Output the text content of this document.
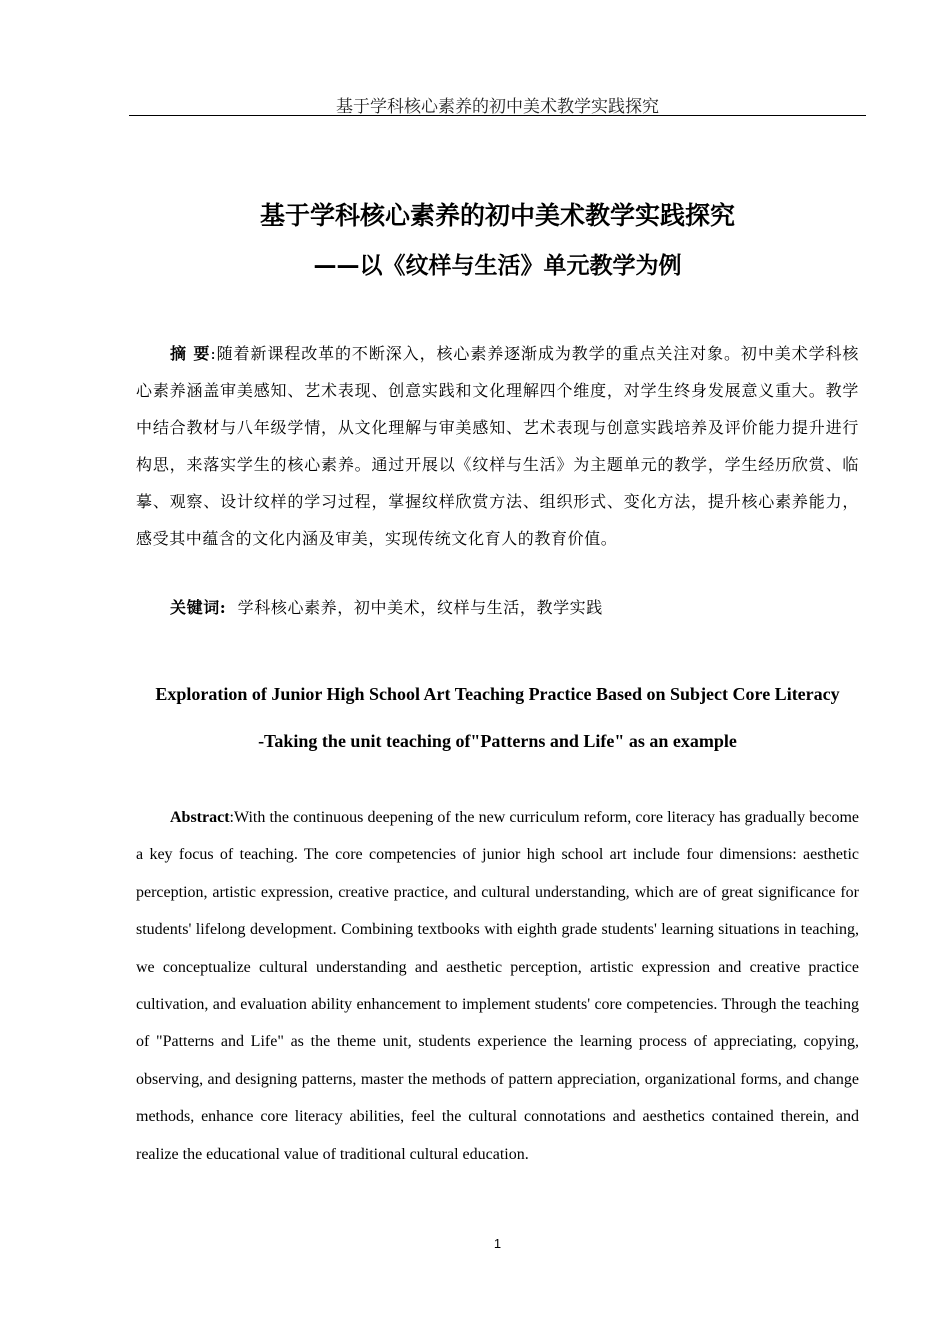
基于学科核心素养的初中美术教学实践探究
基于学科核心素养的初中美术教学实践探究
——以《纹样与生活》单元教学为例
摘 要:随着新课程改革的不断深入，核心素养逐渐成为教学的重点关注对象。初中美术学科核心素养涵盖审美感知、艺术表现、创意实践和文化理解四个维度，对学生终身发展意义重大。教学中结合教材与八年级学情，从文化理解与审美感知、艺术表现与创意实践培养及评价能力提升进行构思，来落实学生的核心素养。通过开展以《纹样与生活》为主题单元的教学，学生经历欣赏、临摹、观察、设计纹样的学习过程，掌握纹样欣赏方法、组织形式、变化方法，提升核心素养能力，感受其中蕴含的文化内涵及审美，实现传统文化育人的教育价值。
关键词:  学科核心素养，初中美术，纹样与生活，教学实践
Exploration of Junior High School Art Teaching Practice Based on Subject Core Literacy
-Taking the unit teaching of"Patterns and Life" as an example
Abstract:With the continuous deepening of the new curriculum reform, core literacy has gradually become a key focus of teaching. The core competencies of junior high school art include four dimensions: aesthetic perception, artistic expression, creative practice, and cultural understanding, which are of great significance for students' lifelong development. Combining textbooks with eighth grade students' learning situations in teaching, we conceptualize cultural understanding and aesthetic perception, artistic expression and creative practice cultivation, and evaluation ability enhancement to implement students' core competencies. Through the teaching of "Patterns and Life" as the theme unit, students experience the learning process of appreciating, copying, observing, and designing patterns, master the methods of pattern appreciation, organizational forms, and change methods, enhance core literacy abilities, feel the cultural connotations and aesthetics contained therein, and realize the educational value of traditional cultural education.
1
